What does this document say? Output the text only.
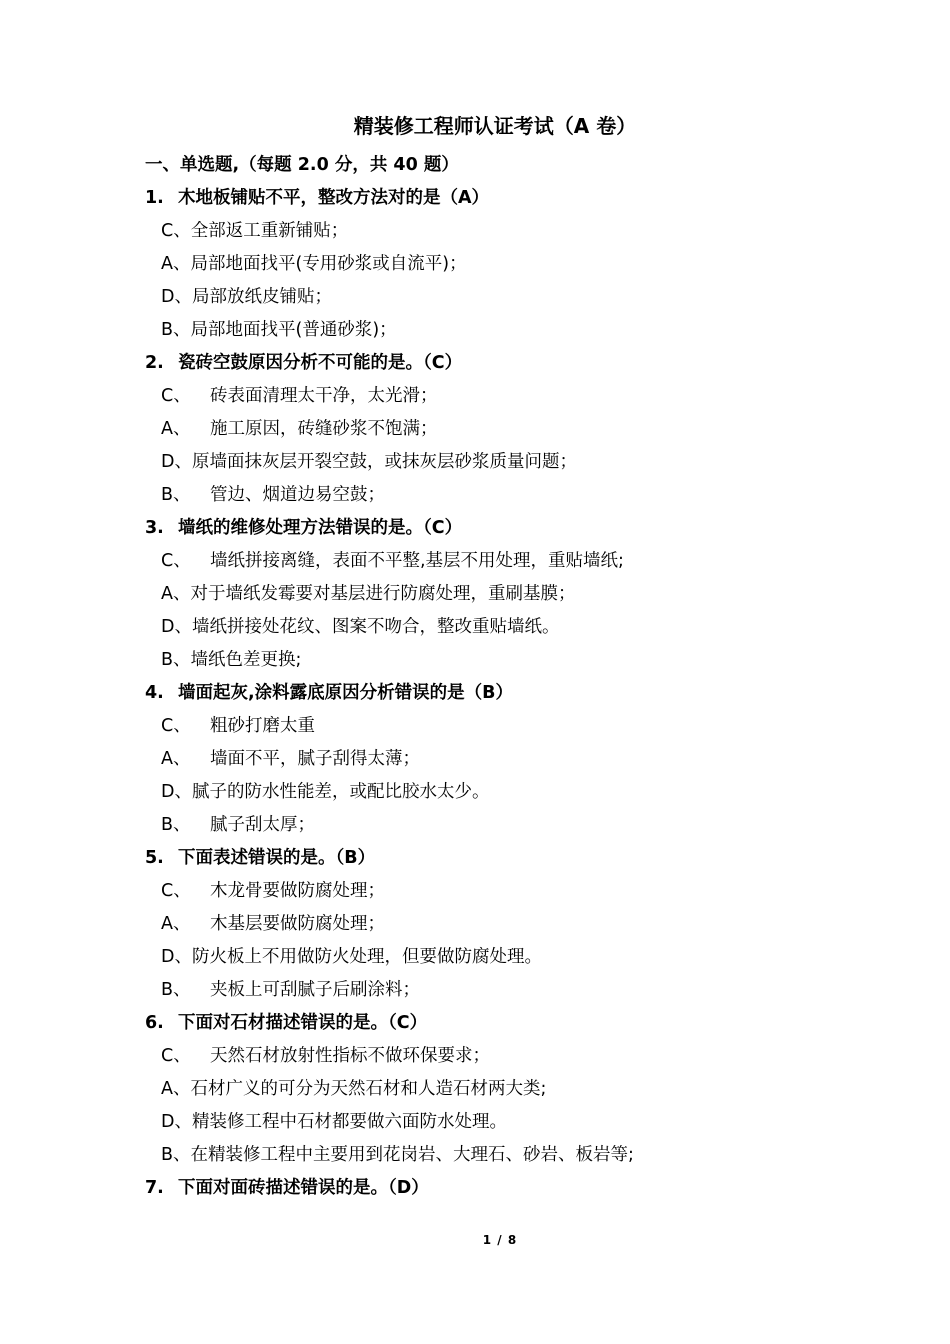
精装修工程师认证考试（A 卷）
一、单选题,（每题 2.0 分，共 40 题）
1. 木地板铺贴不平，整改方法对的是（A）
C、全部返工重新铺贴；
A、局部地面找平(专用砂浆或自流平)；
D、局部放纸皮铺贴；
B、局部地面找平(普通砂浆)；
2. 瓷砖空鼓原因分析不可能的是。（C）
C、 砖表面清理太干净，太光滑；
A、 施工原因，砖缝砂浆不饱满；
D、原墙面抹灰层开裂空鼓，或抹灰层砂浆质量问题；
B、 管边、烟道边易空鼓；
3. 墙纸的维修处理方法错误的是。（C）
C、 墙纸拼接离缝，表面不平整,基层不用处理，重贴墙纸;
A、对于墙纸发霉要对基层进行防腐处理，重刷基膜；
D、墙纸拼接处花纹、图案不吻合，整改重贴墙纸。
B、墙纸色差更换;
4. 墙面起灰,涂料露底原因分析错误的是（B）
C、 粗砂打磨太重
A、 墙面不平，腻子刮得太薄；
D、腻子的防水性能差，或配比胶水太少。
B、 腻子刮太厚；
5. 下面表述错误的是。（B）
C、 木龙骨要做防腐处理；
A、 木基层要做防腐处理；
D、防火板上不用做防火处理，但要做防腐处理。
B、 夹板上可刮腻子后刷涂料；
6. 下面对石材描述错误的是。（C）
C、 天然石材放射性指标不做环保要求；
A、石材广义的可分为天然石材和人造石材两大类;
D、精装修工程中石材都要做六面防水处理。
B、在精装修工程中主要用到花岗岩、大理石、砂岩、板岩等;
7. 下面对面砖描述错误的是。（D）
1 / 8
